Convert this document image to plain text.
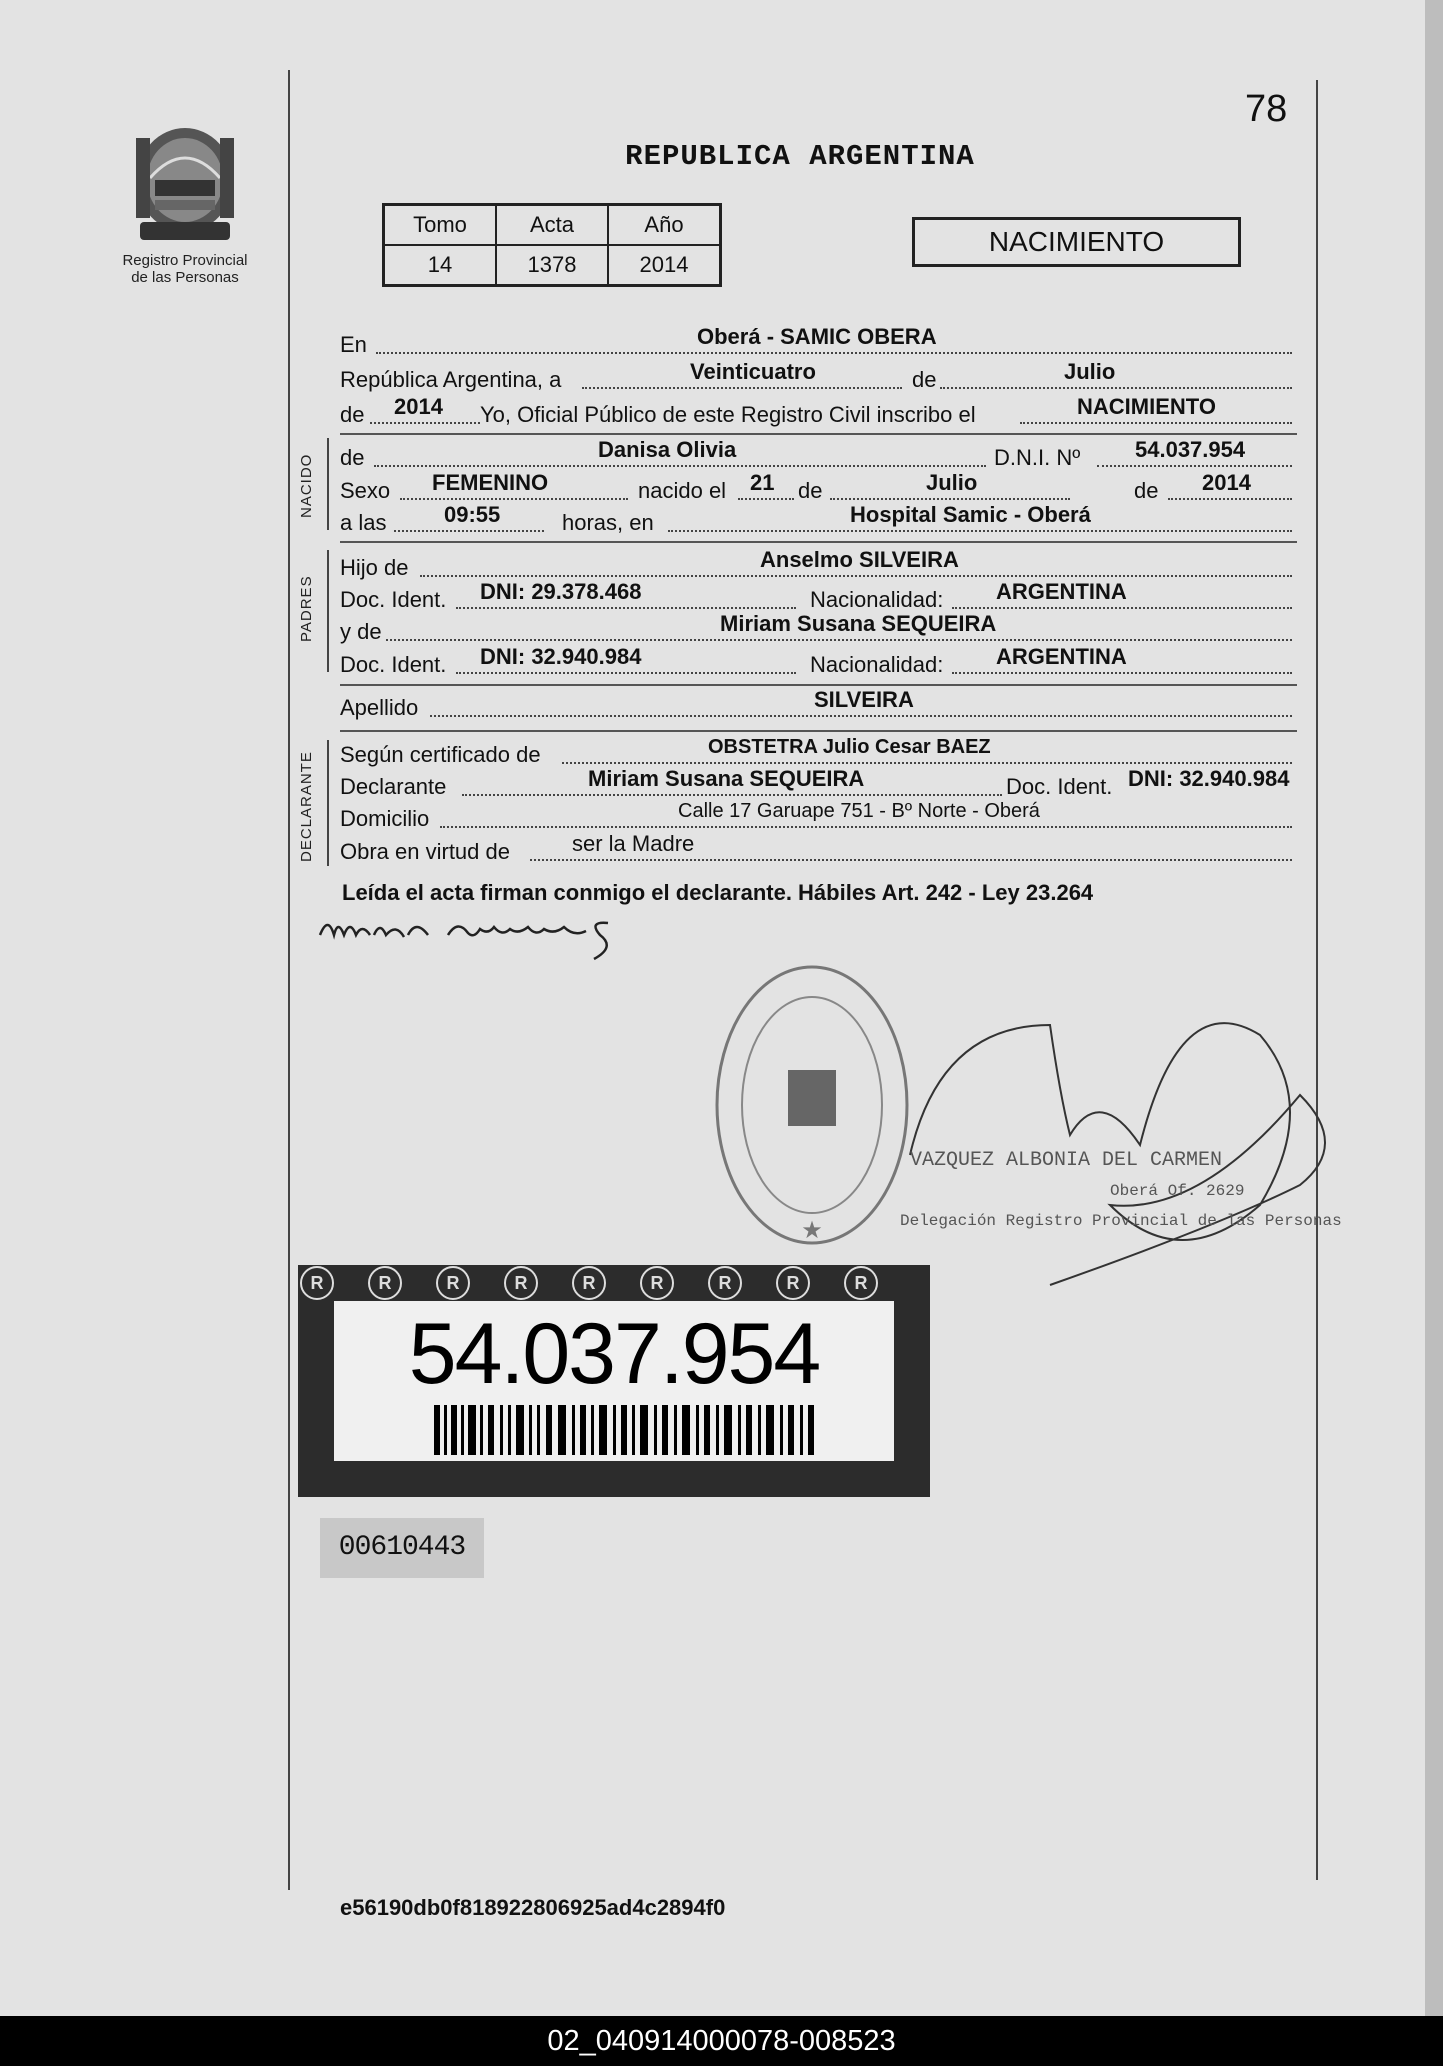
Registro Provincial
de las Personas
78
REPUBLICA ARGENTINA
Tomo	Acta	Año
14	1378	2014
NACIMIENTO
En	Oberá - SAMIC OBERA
República Argentina, a	Veinticuatro	de	Julio
de 2014 Yo, Oficial Público de este Registro Civil inscribo el	NACIMIENTO
NACIDO de	Danisa Olivia	D.N.I. Nº 54.037.954
Sexo FEMENINO	nacido el 21 de	Julio	de 2014
a las	09:55	horas, en	Hospital Samic - Oberá
PADRES
Hijo de	Anselmo SILVEIRA
Doc. Ident. DNI: 29.378.468	Nacionalidad: ARGENTINA
y de	Miriam Susana SEQUEIRA
Doc. Ident. DNI: 32.940.984	Nacionalidad: ARGENTINA
Apellido	SILVEIRA
DECLARANTE Según certificado de	OBSTETRA Julio Cesar BAEZ
Declarante	Miriam Susana SEQUEIRA	Doc. Ident. DNI: 32.940.984
Domicilio	Calle 17 Garuape 751 - Bº Norte - Oberá
Obra en virtud de	ser la Madre
Leída el acta firman conmigo el declarante. Hábiles Art. 242 - Ley 23.264
★
VAZQUEZ ALBONIA DEL CARMEN
Oberá Of. 2629
Delegación Registro Provincial de las Personas
R	R	R	R	R	R	R	R	R
54.037.954
00610443
e56190db0f818922806925ad4c2894f0
02_040914000078-008523
